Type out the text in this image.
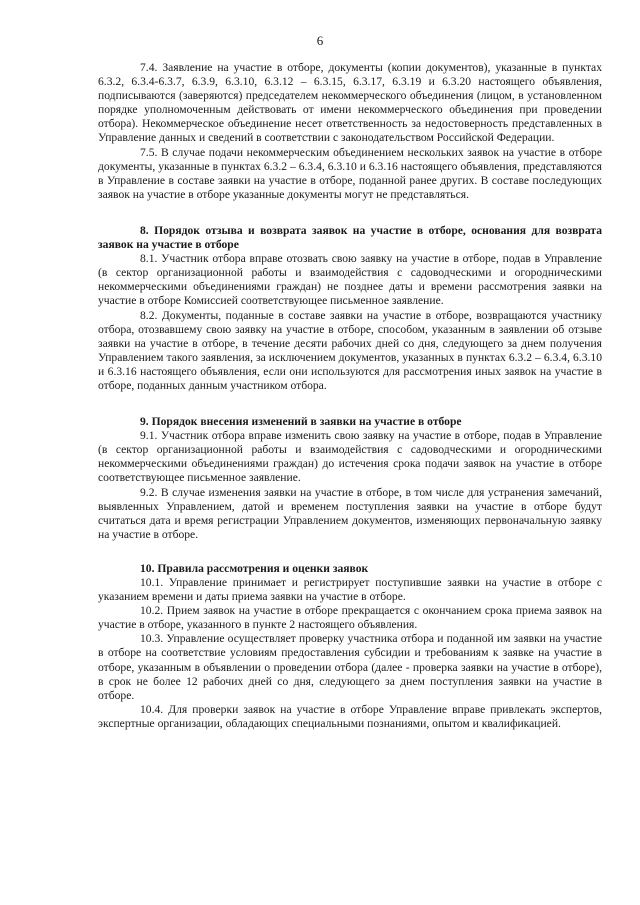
6

7.4. Заявление на участие в отборе, документы (копии документов), указанные в пунктах 6.3.2, 6.3.4-6.3.7, 6.3.9, 6.3.10, 6.3.12 – 6.3.15, 6.3.17, 6.3.19 и 6.3.20 настоящего объявления, подписываются (заверяются) председателем некоммерческого объединения (лицом, в установленном порядке уполномоченным действовать от имени некоммерческого объединения при проведении отбора). Некоммерческое объединение несет ответственность за недостоверность представленных в Управление данных и сведений в соответствии с законодательством Российской Федерации.

7.5. В случае подачи некоммерческим объединением нескольких заявок на участие в отборе документы, указанные в пунктах 6.3.2 – 6.3.4, 6.3.10 и 6.3.16 настоящего объявления, представляются в Управление в составе заявки на участие в отборе, поданной ранее других. В составе последующих заявок на участие в отборе указанные документы могут не представляться.

8. Порядок отзыва и возврата заявок на участие в отборе, основания для возврата заявок на участие в отборе

8.1. Участник отбора вправе отозвать свою заявку на участие в отборе, подав в Управление (в сектор организационной работы и взаимодействия с садоводческими и огородническими некоммерческими объединениями граждан) не позднее даты и времени рассмотрения заявки на участие в отборе Комиссией соответствующее письменное заявление.

8.2. Документы, поданные в составе заявки на участие в отборе, возвращаются участнику отбора, отозвавшему свою заявку на участие в отборе, способом, указанным в заявлении об отзыве заявки на участие в отборе, в течение десяти рабочих дней со дня, следующего за днем получения Управлением такого заявления, за исключением документов, указанных в пунктах 6.3.2 – 6.3.4, 6.3.10 и 6.3.16 настоящего объявления, если они используются для рассмотрения иных заявок на участие в отборе, поданных данным участником отбора.

9. Порядок внесения изменений в заявки на участие в отборе

9.1. Участник отбора вправе изменить свою заявку на участие в отборе, подав в Управление (в сектор организационной работы и взаимодействия с садоводческими и огородническими некоммерческими объединениями граждан) до истечения срока подачи заявок на участие в отборе соответствующее письменное заявление.

9.2. В случае изменения заявки на участие в отборе, в том числе для устранения замечаний, выявленных Управлением, датой и временем поступления заявки на участие в отборе будут считаться дата и время регистрации Управлением документов, изменяющих первоначальную заявку на участие в отборе.

10. Правила рассмотрения и оценки заявок

10.1. Управление принимает и регистрирует поступившие заявки на участие в отборе с указанием времени и даты приема заявки на участие в отборе.

10.2. Прием заявок на участие в отборе прекращается с окончанием срока приема заявок на участие в отборе, указанного в пункте 2 настоящего объявления.

10.3. Управление осуществляет проверку участника отбора и поданной им заявки на участие в отборе на соответствие условиям предоставления субсидии и требованиям к заявке на участие в отборе, указанным в объявлении о проведении отбора (далее - проверка заявки на участие в отборе), в срок не более 12 рабочих дней со дня, следующего за днем поступления заявки на участие в отборе.

10.4. Для проверки заявок на участие в отборе Управление вправе привлекать экспертов, экспертные организации, обладающих специальными познаниями, опытом и квалификацией.
